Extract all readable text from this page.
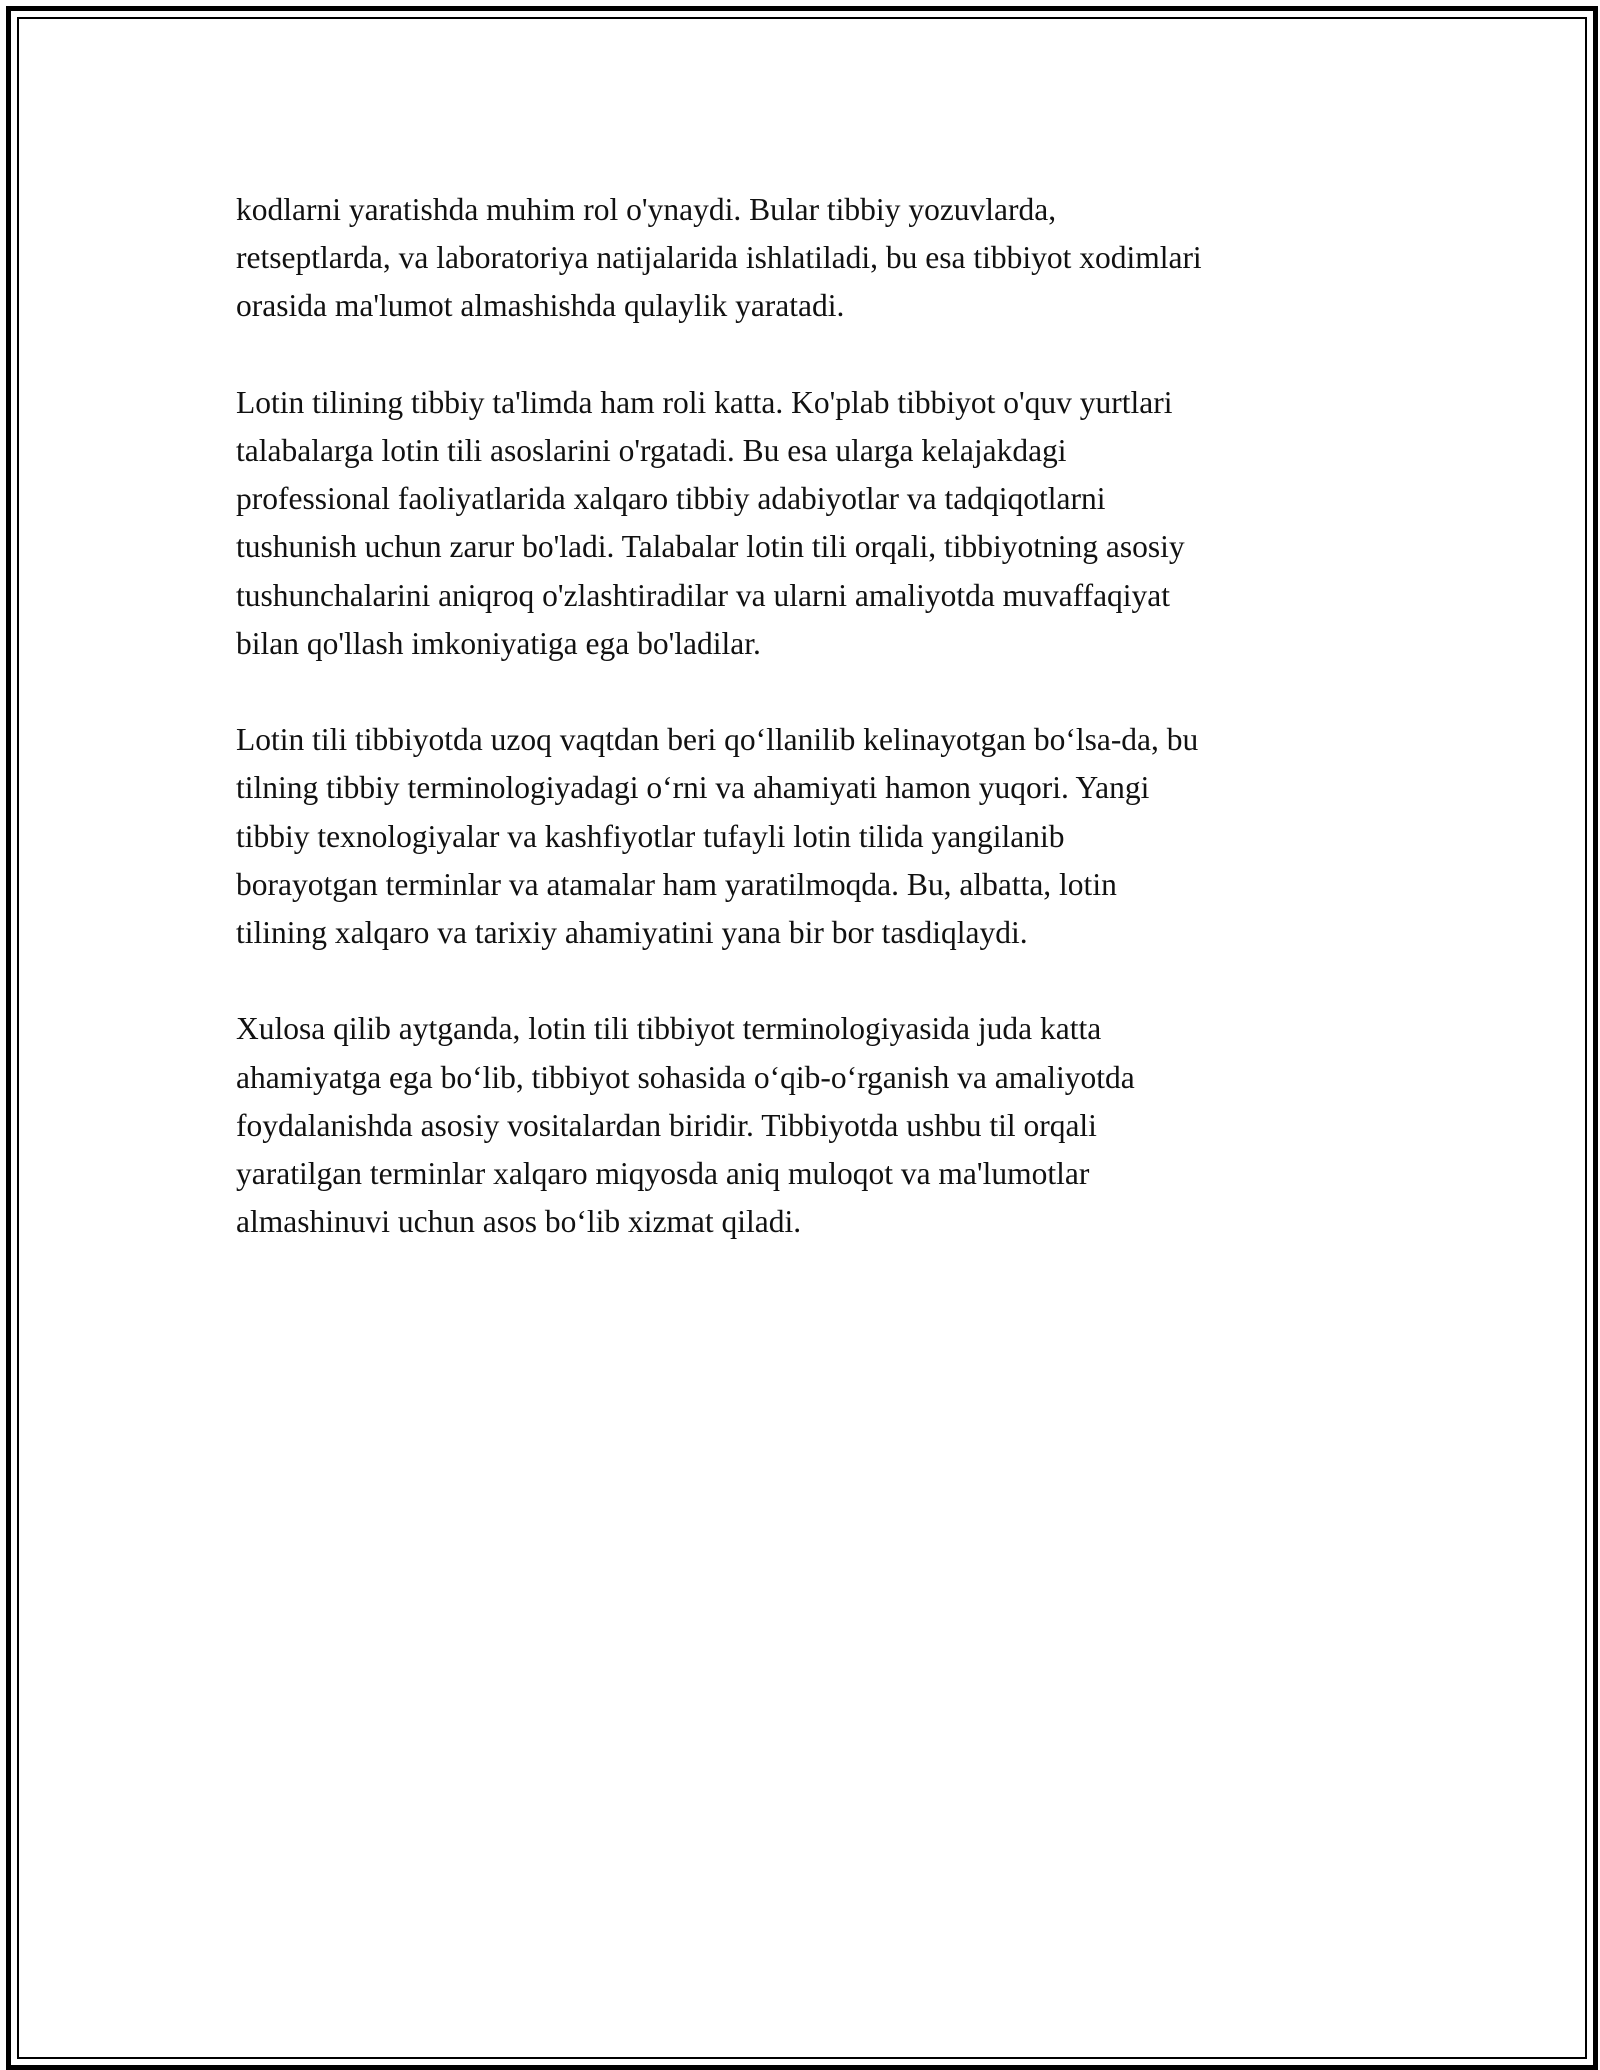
kodlarni yaratishda muhim rol o'ynaydi. Bular tibbiy yozuvlarda,
retseptlarda, va laboratoriya natijalarida ishlatiladi, bu esa tibbiyot xodimlari
orasida ma'lumot almashishda qulaylik yaratadi.

Lotin tilining tibbiy ta'limda ham roli katta. Ko'plab tibbiyot o'quv yurtlari
talabalarga lotin tili asoslarini o'rgatadi. Bu esa ularga kelajakdagi
professional faoliyatlarida xalqaro tibbiy adabiyotlar va tadqiqotlarni
tushunish uchun zarur bo'ladi. Talabalar lotin tili orqali, tibbiyotning asosiy
tushunchalarini aniqroq o'zlashtiradilar va ularni amaliyotda muvaffaqiyat
bilan qo'llash imkoniyatiga ega bo'ladilar.

Lotin tili tibbiyotda uzoq vaqtdan beri qo‘llanilib kelinayotgan bo‘lsa-da, bu
tilning tibbiy terminologiyadagi o‘rni va ahamiyati hamon yuqori. Yangi
tibbiy texnologiyalar va kashfiyotlar tufayli lotin tilida yangilanib
borayotgan terminlar va atamalar ham yaratilmoqda. Bu, albatta, lotin
tilining xalqaro va tarixiy ahamiyatini yana bir bor tasdiqlaydi.

Xulosa qilib aytganda, lotin tili tibbiyot terminologiyasida juda katta
ahamiyatga ega bo‘lib, tibbiyot sohasida o‘qib-o‘rganish va amaliyotda
foydalanishda asosiy vositalardan biridir. Tibbiyotda ushbu til orqali
yaratilgan terminlar xalqaro miqyosda aniq muloqot va ma'lumotlar
almashinuvi uchun asos bo‘lib xizmat qiladi.
